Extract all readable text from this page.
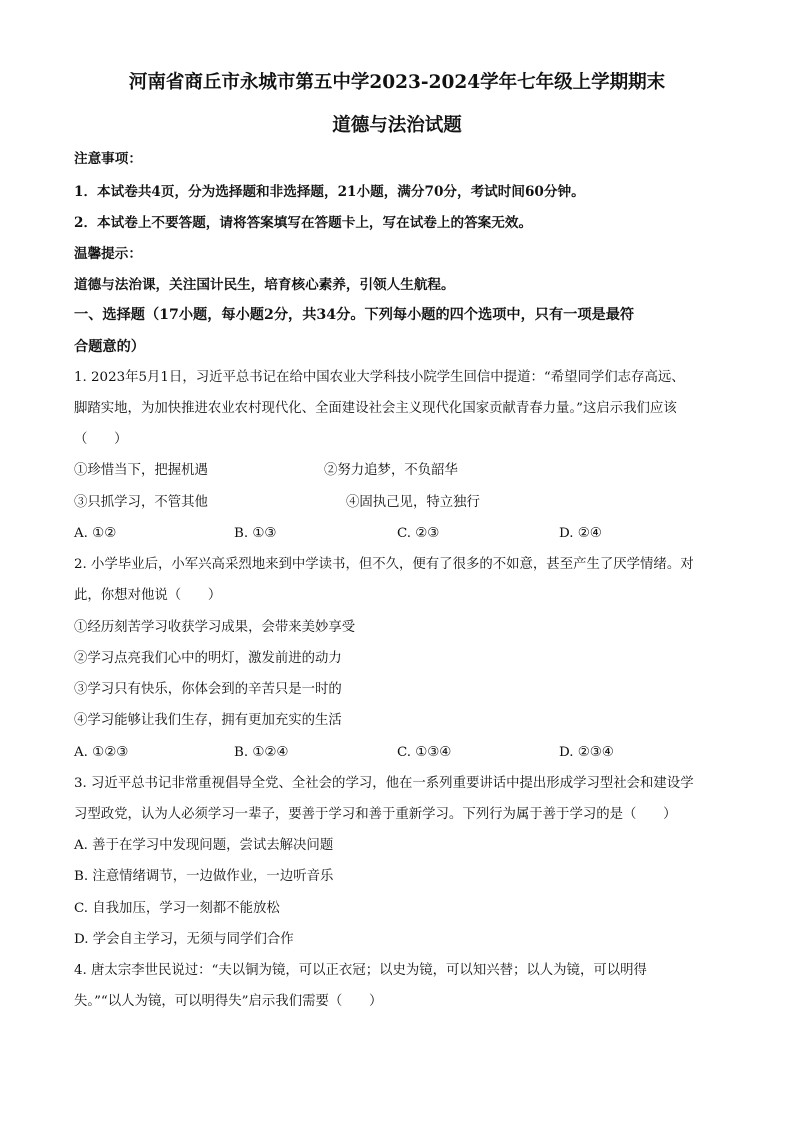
河南省商丘市永城市第五中学2023-2024学年七年级上学期期末
道德与法治试题
注意事项：
1．本试卷共4页，分为选择题和非选择题，21小题，满分70分，考试时间60分钟。
2．本试卷上不要答题，请将答案填写在答题卡上，写在试卷上的答案无效。
温馨提示：
道德与法治课，关注国计民生，培育核心素养，引领人生航程。
一、选择题（17小题，每小题2分，共34分。下列每小题的四个选项中，只有一项是最符
合题意的）
1. 2023年5月1日，习近平总书记在给中国农业大学科技小院学生回信中提道：“希望同学们志存高远、
脚踏实地，为加快推进农业农村现代化、全面建设社会主义现代化国家贡献青春力量。”这启示我们应该
（　　）
①珍惜当下，把握机遇	②努力追梦，不负韶华
③只抓学习，不管其他	④固执己见，特立独行
A. ①②	B. ①③	C. ②③	D. ②④
2. 小学毕业后，小军兴高采烈地来到中学读书，但不久，便有了很多的不如意，甚至产生了厌学情绪。对
此，你想对他说（　　）
①经历刻苦学习收获学习成果，会带来美妙享受
②学习点亮我们心中的明灯，激发前进的动力
③学习只有快乐，你体会到的辛苦只是一时的
④学习能够让我们生存，拥有更加充实的生活
A. ①②③	B. ①②④	C. ①③④	D. ②③④
3. 习近平总书记非常重视倡导全党、全社会的学习，他在一系列重要讲话中提出形成学习型社会和建设学
习型政党，认为人必须学习一辈子，要善于学习和善于重新学习。下列行为属于善于学习的是（　　）
A. 善于在学习中发现问题，尝试去解决问题
B. 注意情绪调节，一边做作业，一边听音乐
C. 自我加压，学习一刻都不能放松
D. 学会自主学习，无须与同学们合作
4. 唐太宗李世民说过：“夫以铜为镜，可以正衣冠；以史为镜，可以知兴替；以人为镜，可以明得
失。”“以人为镜，可以明得失”启示我们需要（　　）
